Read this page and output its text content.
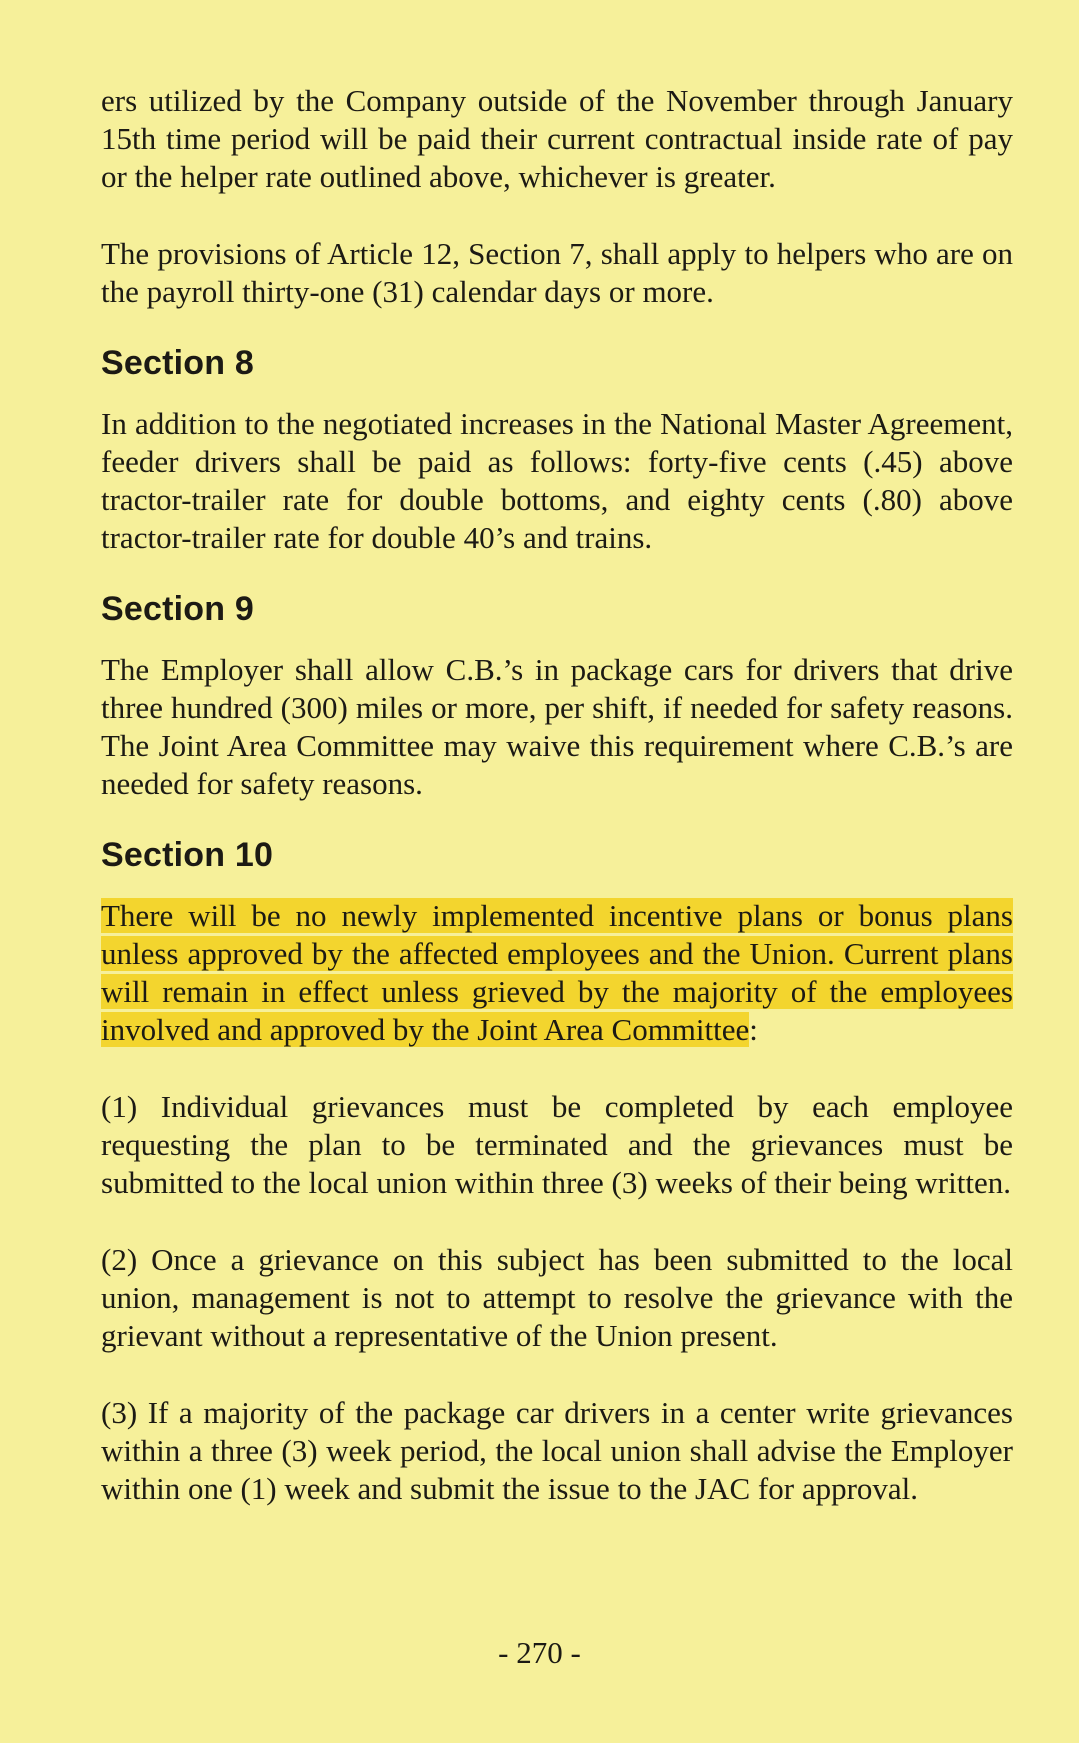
ers utilized by the Company outside of the November through January 15th time period will be paid their current contractual inside rate of pay or the helper rate outlined above, whichever is greater.

The provisions of Article 12, Section 7, shall apply to helpers who are on the payroll thirty-one (31) calendar days or more.

Section 8

In addition to the negotiated increases in the National Master Agreement, feeder drivers shall be paid as follows: forty-five cents (.45) above tractor-trailer rate for double bottoms, and eighty cents (.80) above tractor-trailer rate for double 40’s and trains.

Section 9

The Employer shall allow C.B.’s in package cars for drivers that drive three hundred (300) miles or more, per shift, if needed for safety reasons. The Joint Area Committee may waive this requirement where C.B.’s are needed for safety reasons.

Section 10

There will be no newly implemented incentive plans or bonus plans unless approved by the affected employees and the Union. Current plans will remain in effect unless grieved by the majority of the employees involved and approved by the Joint Area Committee:

(1) Individual grievances must be completed by each employee requesting the plan to be terminated and the grievances must be submitted to the local union within three (3) weeks of their being written.

(2) Once a grievance on this subject has been submitted to the local union, management is not to attempt to resolve the grievance with the grievant without a representative of the Union present.

(3) If a majority of the package car drivers in a center write grievances within a three (3) week period, the local union shall advise the Employer within one (1) week and submit the issue to the JAC for approval.

- 270 -
